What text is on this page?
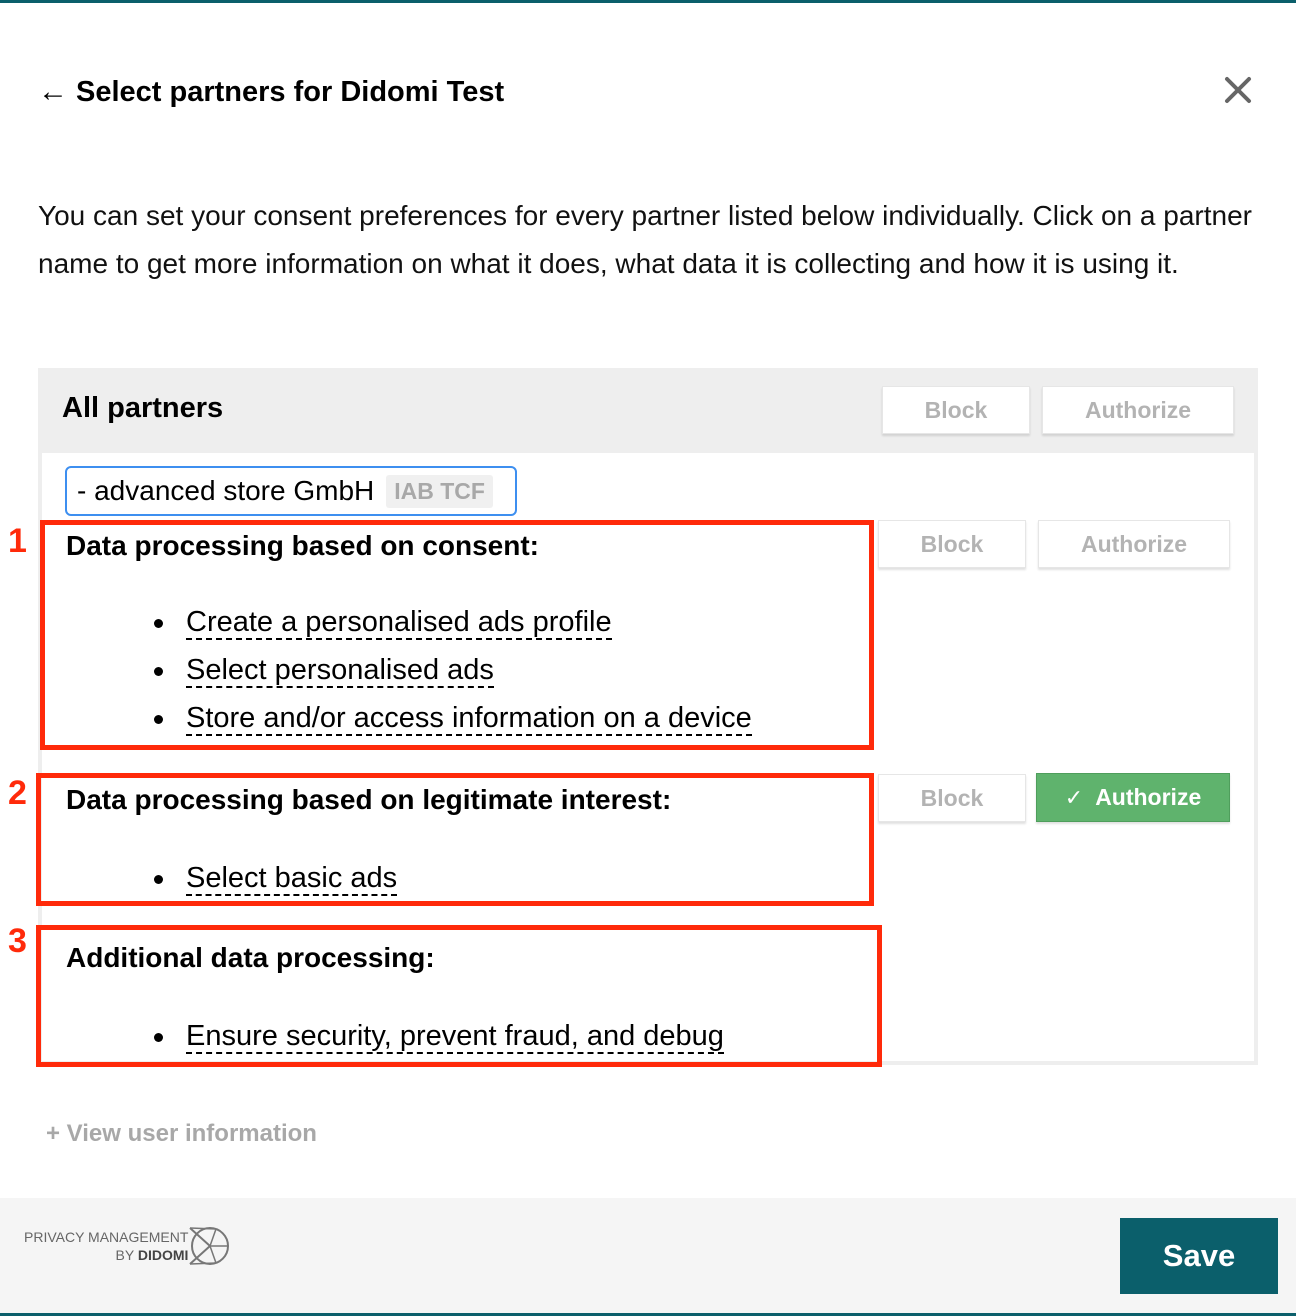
← Select partners for Didomi Test

You can set your consent preferences for every partner listed below individually. Click on a partner name to get more information on what it does, what data it is collecting and how it is using it.

All partners	Block	Authorize
- advanced store GmbH IAB TCF
Data processing based on consent:	Block	Authorize
Create a personalised ads profile
Select personalised ads
Store and/or access information on a device
Data processing based on legitimate interest:	Block	✓ Authorize
Select basic ads
Additional data processing:
Ensure security, prevent fraud, and debug
1
2
3
+ View user information
PRIVACY MANAGEMENT
BY DIDOMI	Save
